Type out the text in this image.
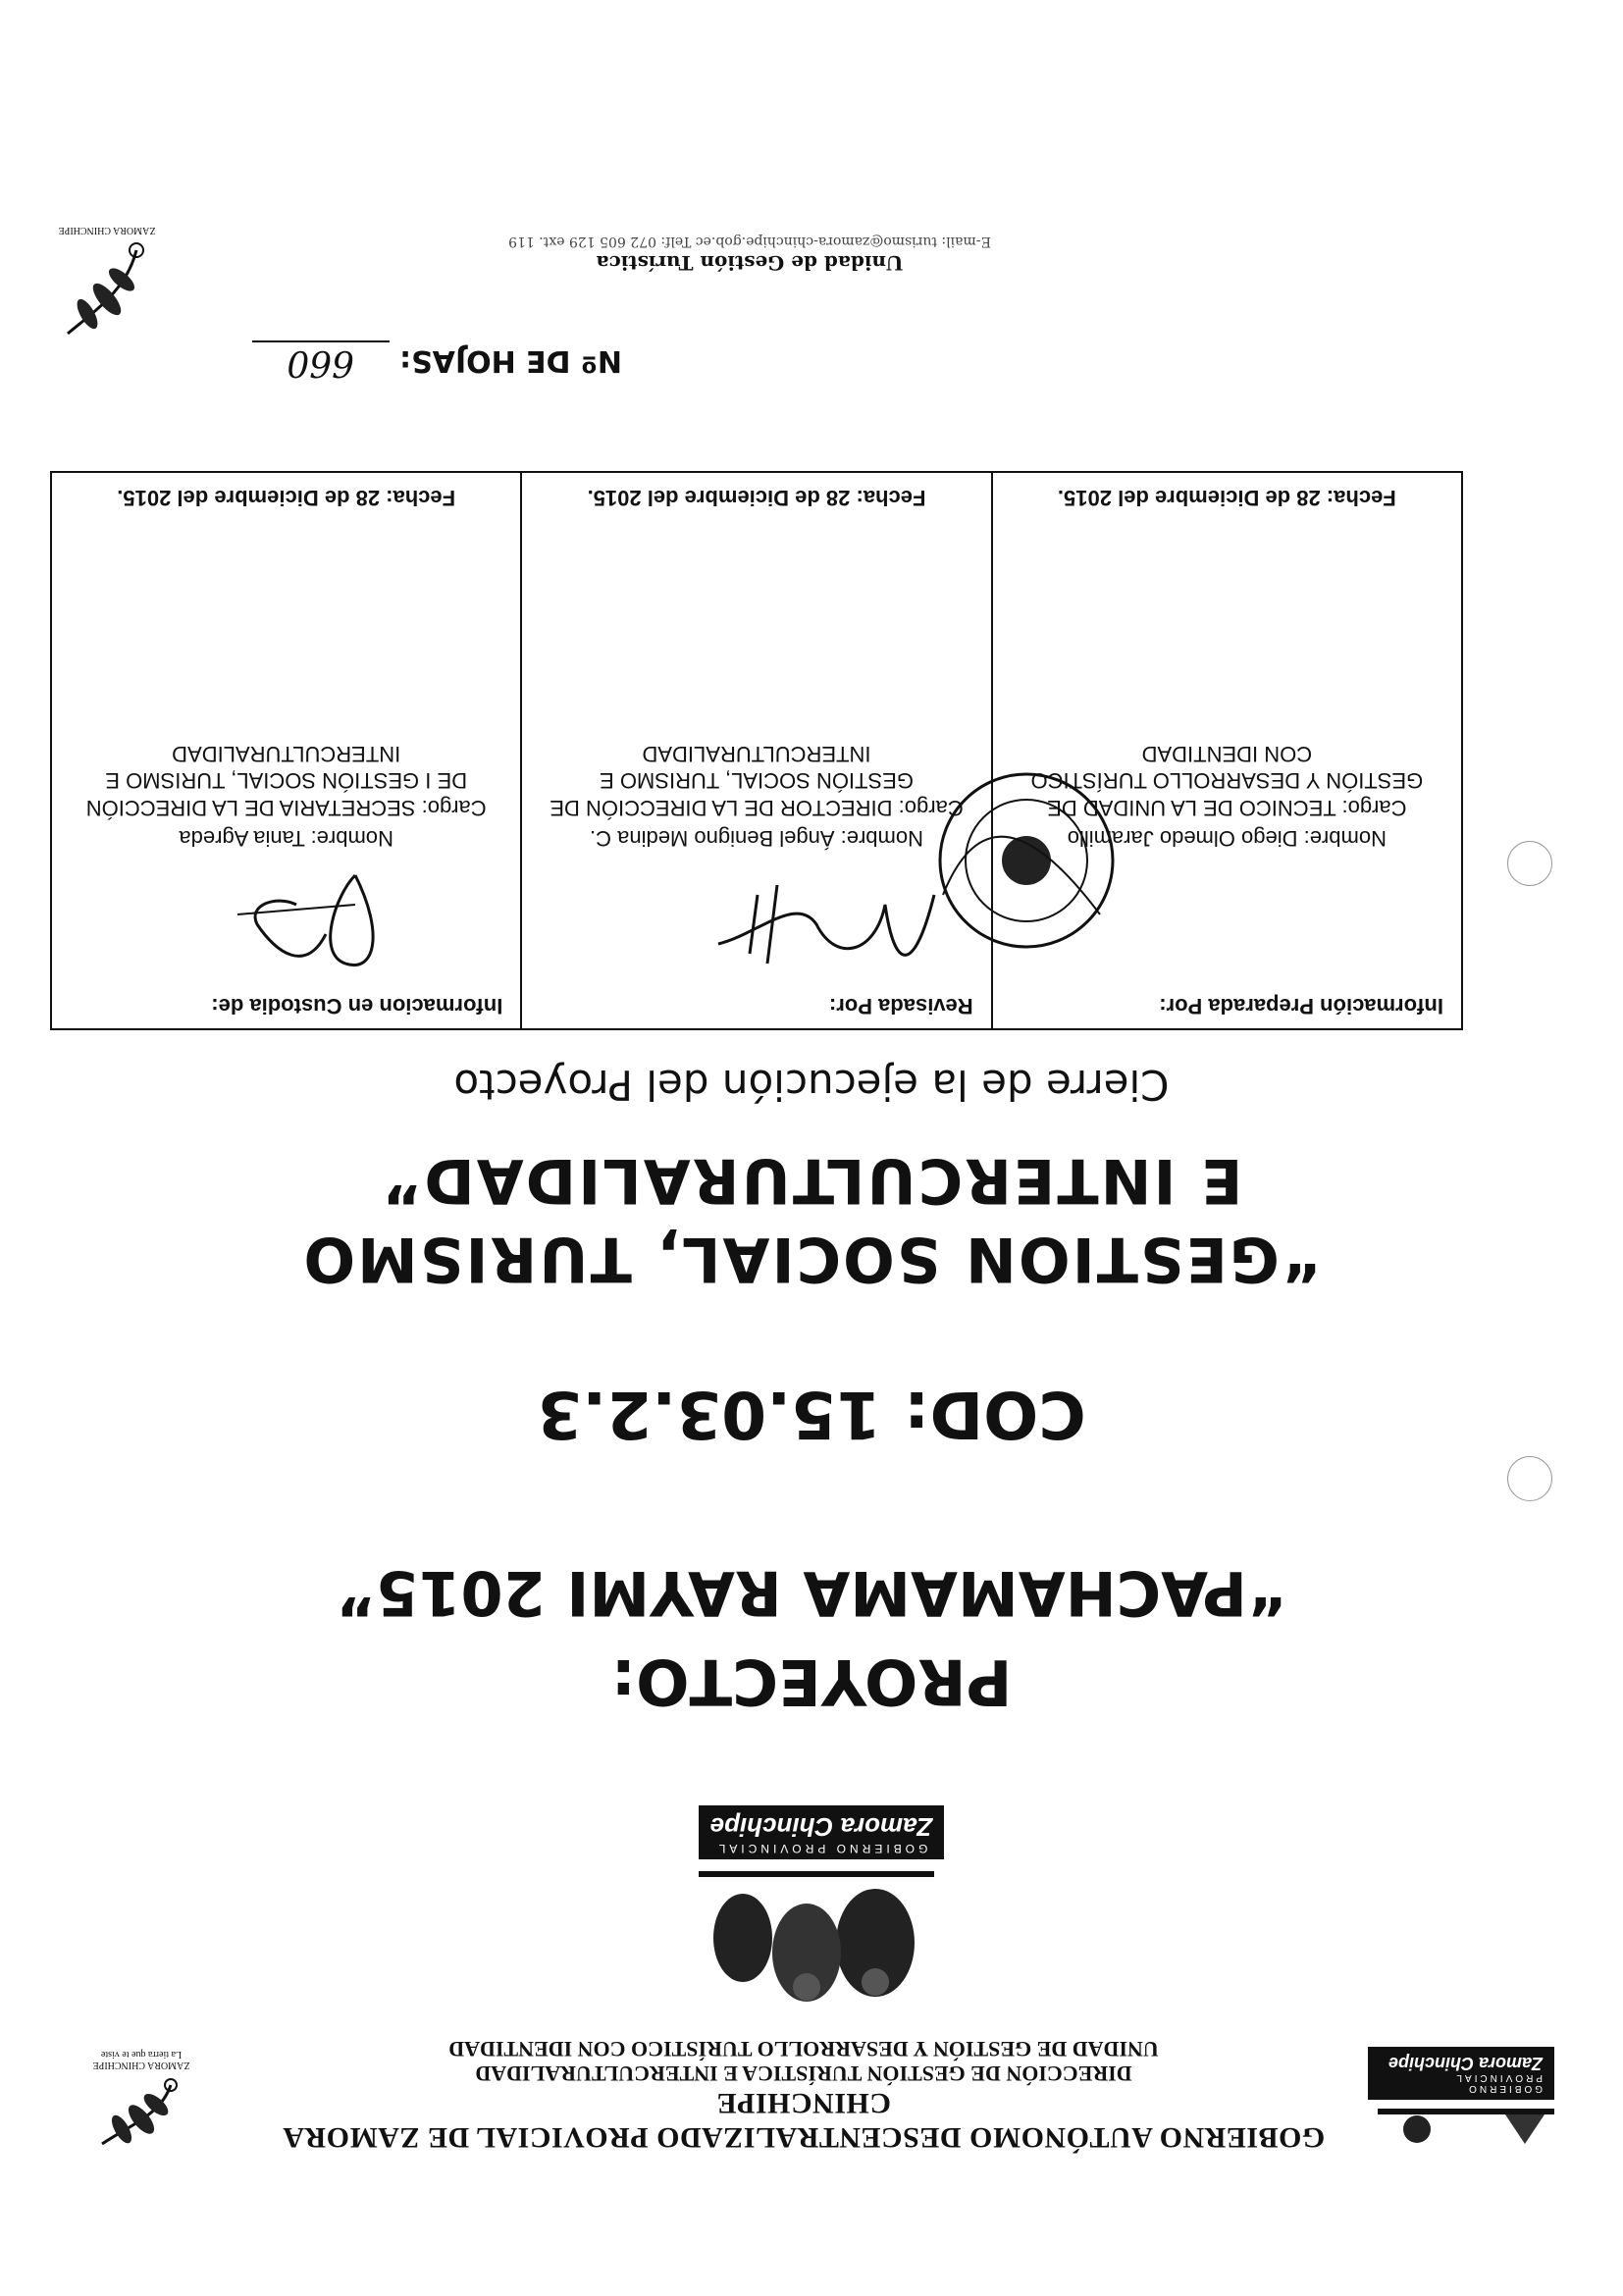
GOBIERNO PROVINCIAL
Zamora Chinchipe
GOBIERNO AUTÓNOMO DESCENTRALIZADO PROVICIAL DE ZAMORA CHINCHIPE
DIRECCIÓN DE GESTIÓN TURÍSTICA E INTERCULTURALIDAD
UNIDAD DE GESTIÓN Y DESARROLLO TURÍSTICO CON IDENTIDAD
ZAMORA CHINCHIPE
La tierra que te viste
GOBIERNO PROVINCIAL
Zamora Chinchipe
PROYECTO:
“PACHAMAMA RAYMI 2015”
COD: 15.03.2.3
“GESTION SOCIAL, TURISMO
E INTERCULTURALIDAD”
Cierre de la ejecución del Proyecto
Información Preparada Por:
Nombre: Diego Olmedo Jaramillo
Cargo: TECNICO DE LA UNIDAD DE GESTIÓN Y DESARROLLO TURÍSTICO CON IDENTIDAD
Fecha: 28 de Diciembre del 2015.
Revisada Por:
Nombre: Ángel Benigno Medina C.
Cargo: DIRECTOR DE LA DIRECCIÓN DE GESTIÓN SOCIAL, TURISMO E INTERCULTURALIDAD
Fecha: 28 de Diciembre del 2015.
Informacion en Custodia de:
Nombre: Tania Agreda
Cargo: SECRETARIA DE LA DIRECCIÓN DE I GESTIÓN SOCIAL, TURISMO E INTERCULTURALIDAD
Fecha: 28 de Diciembre del 2015.
Nº DE HOJAS: 660
Unidad de Gestión Turística
E-mail: turismo@zamora-chinchipe.gob.ec Telf: 072 605 129 ext. 119
ZAMORA CHINCHIPE
